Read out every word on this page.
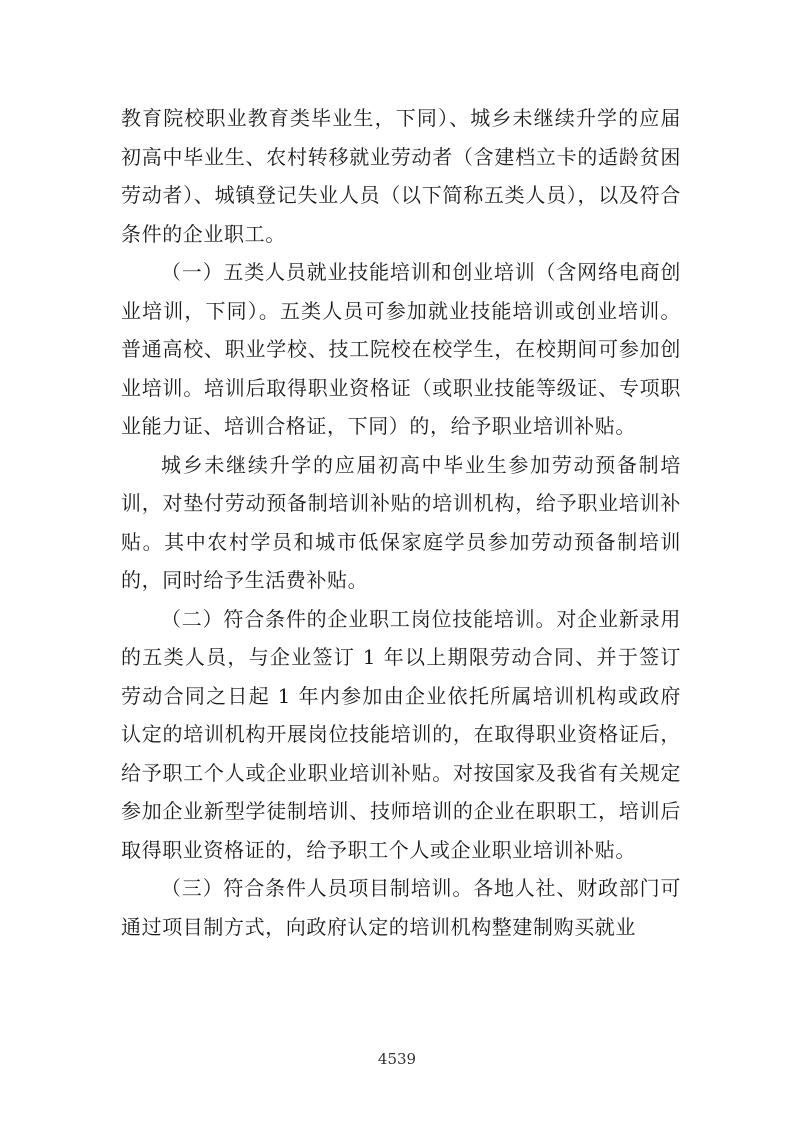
教育院校职业教育类毕业生，下同）、城乡未继续升学的应届初高中毕业生、农村转移就业劳动者（含建档立卡的适龄贫困劳动者）、城镇登记失业人员（以下简称五类人员），以及符合条件的企业职工。

（一）五类人员就业技能培训和创业培训（含网络电商创业培训，下同）。五类人员可参加就业技能培训或创业培训。普通高校、职业学校、技工院校在校学生，在校期间可参加创业培训。培训后取得职业资格证（或职业技能等级证、专项职业能力证、培训合格证，下同）的，给予职业培训补贴。

城乡未继续升学的应届初高中毕业生参加劳动预备制培训，对垫付劳动预备制培训补贴的培训机构，给予职业培训补贴。其中农村学员和城市低保家庭学员参加劳动预备制培训的，同时给予生活费补贴。

（二）符合条件的企业职工岗位技能培训。对企业新录用的五类人员，与企业签订 1 年以上期限劳动合同、并于签订劳动合同之日起 1 年内参加由企业依托所属培训机构或政府认定的培训机构开展岗位技能培训的，在取得职业资格证后，给予职工个人或企业职业培训补贴。对按国家及我省有关规定参加企业新型学徒制培训、技师培训的企业在职职工，培训后取得职业资格证的，给予职工个人或企业职业培训补贴。

（三）符合条件人员项目制培训。各地人社、财政部门可通过项目制方式，向政府认定的培训机构整建制购买就业

4539
